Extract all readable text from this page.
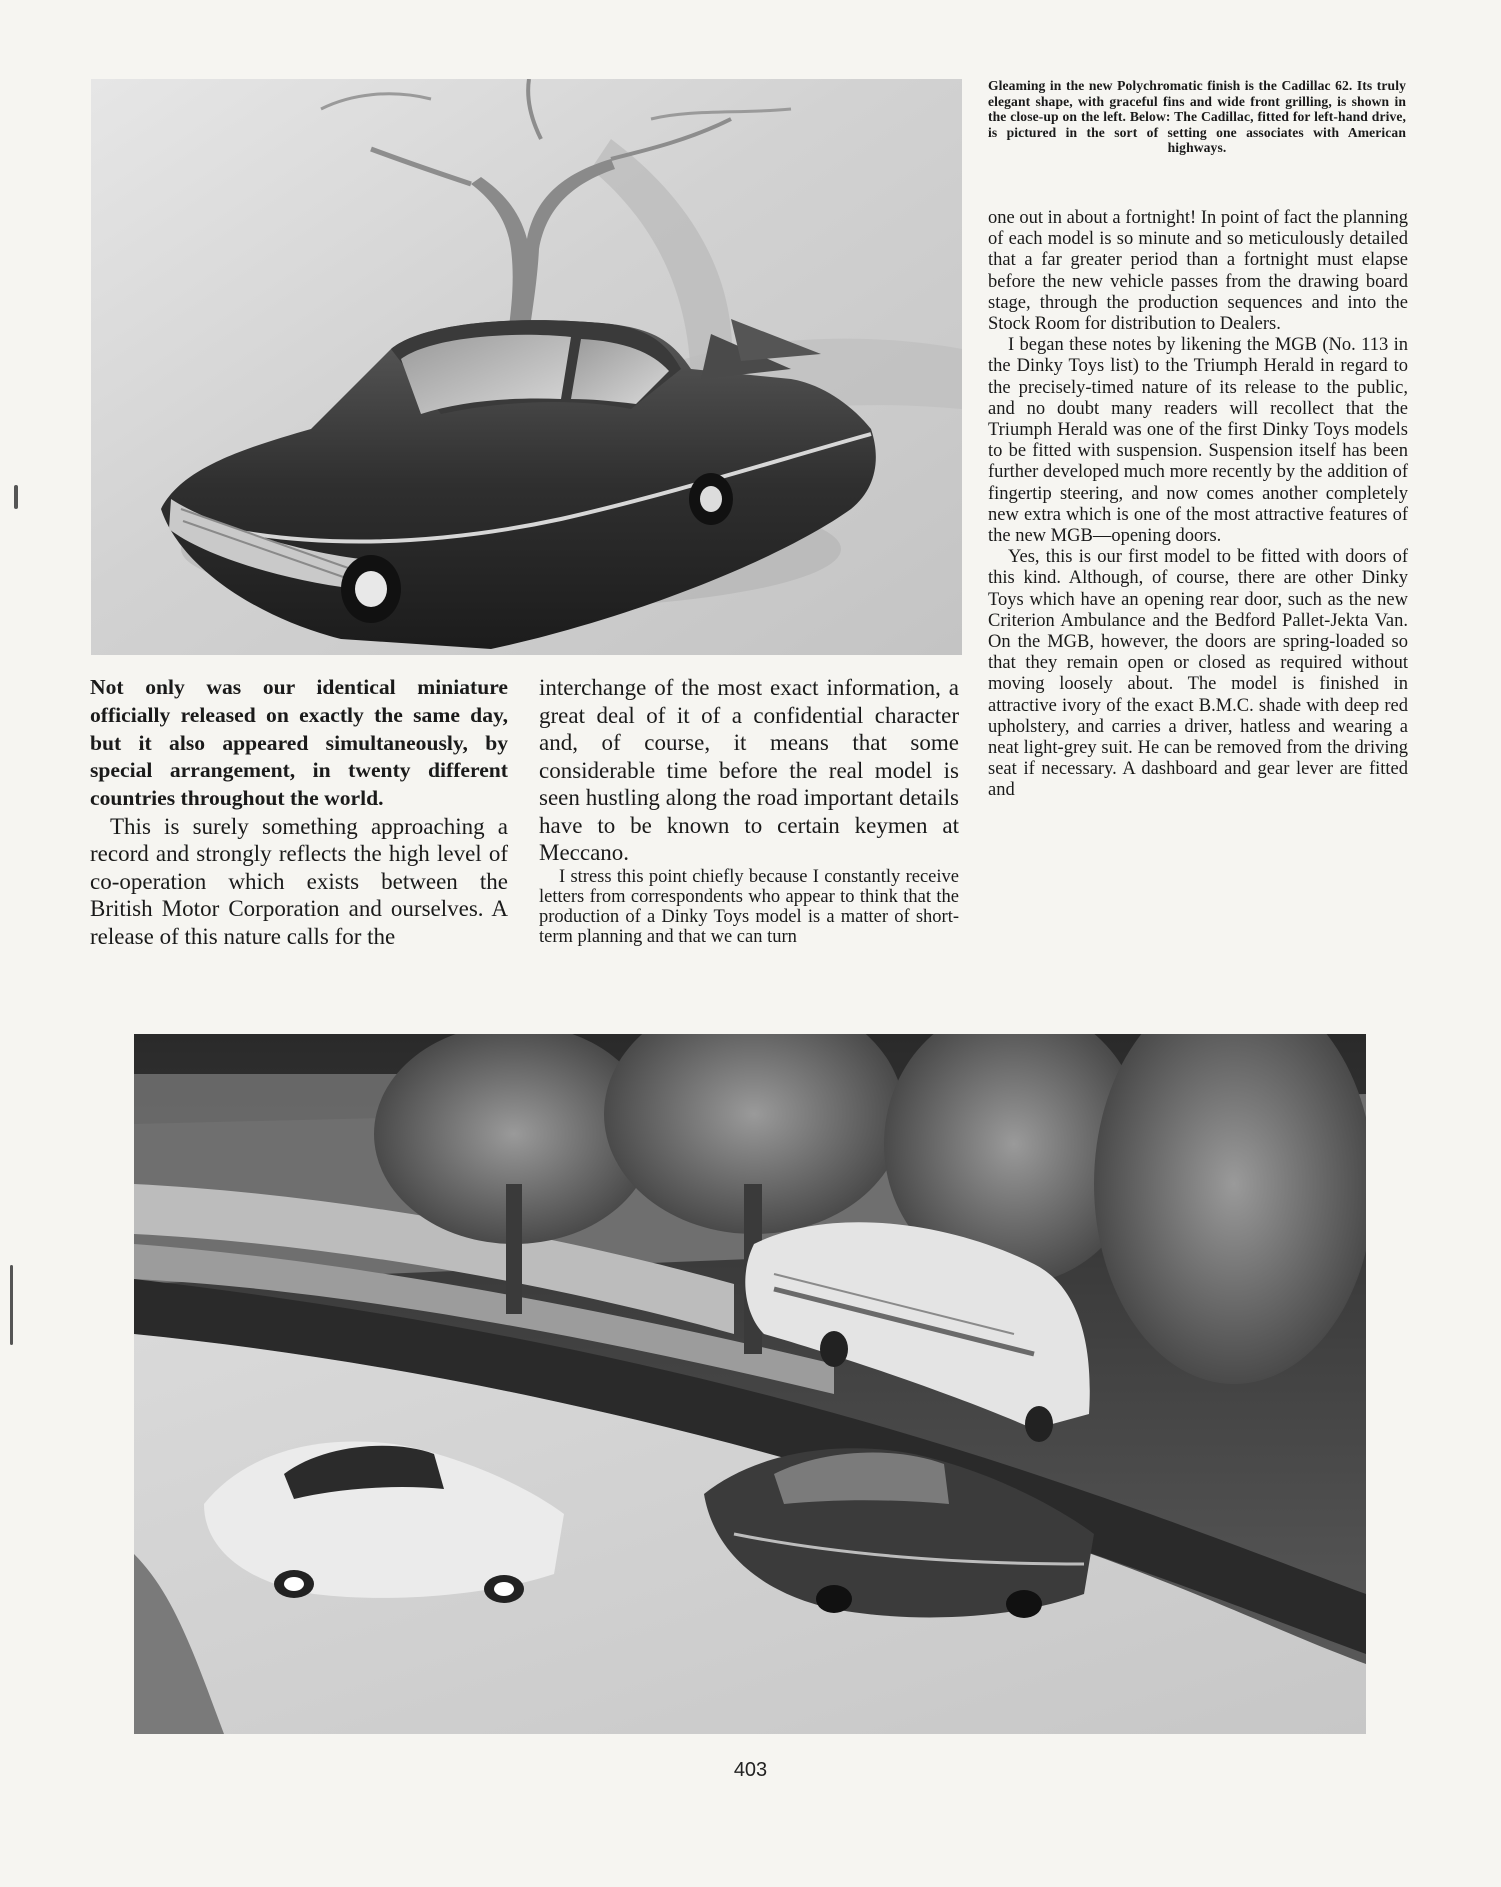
Gleaming in the new Polychromatic finish is the Cadillac 62. Its truly elegant shape, with graceful fins and wide front grilling, is shown in the close-up on the left. Below: The Cadillac, fitted for left-hand drive, is pictured in the sort of setting one associates with American highways.

Not only was our identical miniature officially released on exactly the same day, but it also appeared simultaneously, by special arrangement, in twenty different countries throughout the world.

This is surely something approaching a record and strongly reflects the high level of co-operation which exists between the British Motor Corporation and ourselves. A release of this nature calls for the

interchange of the most exact information, a great deal of it of a confidential character and, of course, it means that some considerable time before the real model is seen hustling along the road important details have to be known to certain keymen at Meccano.

I stress this point chiefly because I constantly receive letters from correspondents who appear to think that the production of a Dinky Toys model is a matter of short-term planning and that we can turn

one out in about a fortnight! In point of fact the planning of each model is so minute and so meticulously detailed that a far greater period than a fortnight must elapse before the new vehicle passes from the drawing board stage, through the production sequences and into the Stock Room for distribution to Dealers.

I began these notes by likening the MGB (No. 113 in the Dinky Toys list) to the Triumph Herald in regard to the precisely-timed nature of its release to the public, and no doubt many readers will recollect that the Triumph Herald was one of the first Dinky Toys models to be fitted with suspension. Suspension itself has been further developed much more recently by the addition of fingertip steering, and now comes another completely new extra which is one of the most attractive features of the new MGB—opening doors.

Yes, this is our first model to be fitted with doors of this kind. Although, of course, there are other Dinky Toys which have an opening rear door, such as the new Criterion Ambulance and the Bedford Pallet-Jekta Van. On the MGB, however, the doors are spring-loaded so that they remain open or closed as required without moving loosely about. The model is finished in attractive ivory of the exact B.M.C. shade with deep red upholstery, and carries a driver, hatless and wearing a neat light-grey suit. He can be removed from the driving seat if necessary. A dashboard and gear lever are fitted and

403
